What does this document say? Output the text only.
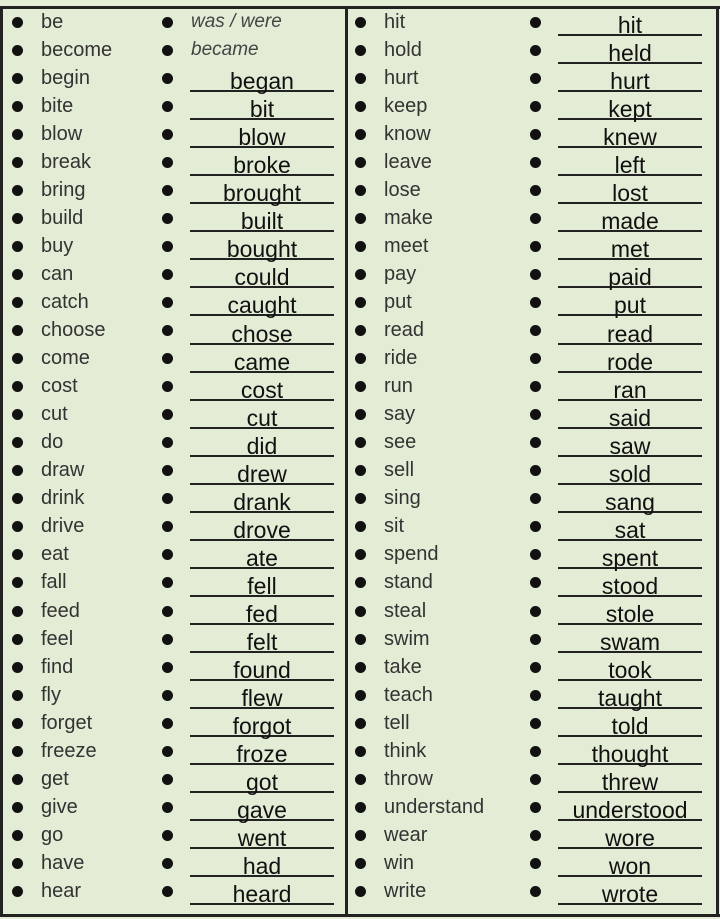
be
become
begin
bite
blow
break
bring
build
buy
can
catch
choose
come
cost
cut
do
draw
drink
drive
eat
fall
feed
feel
find
fly
forget
freeze
get
give
go
have
hear
was / were
became
began
bit
blow
broke
brought
built
bought
could
caught
chose
came
cost
cut
did
drew
drank
drove
ate
fell
fed
felt
found
flew
forgot
froze
got
gave
went
had
heard
hit
hold
hurt
keep
know
leave
lose
make
meet
pay
put
read
ride
run
say
see
sell
sing
sit
spend
stand
steal
swim
take
teach
tell
think
throw
understand
wear
win
write
hit
held
hurt
kept
knew
left
lost
made
met
paid
put
read
rode
ran
said
saw
sold
sang
sat
spent
stood
stole
swam
took
taught
told
thought
threw
understood
wore
won
wrote
